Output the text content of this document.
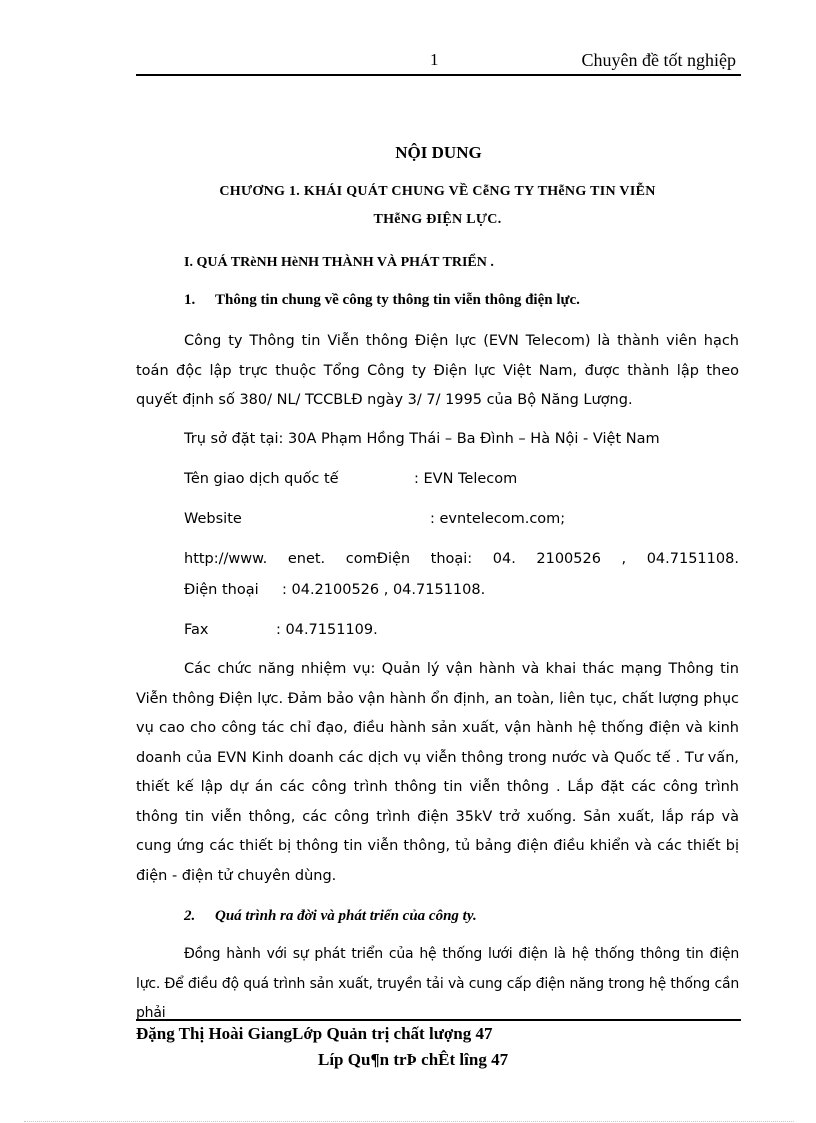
1	Chuyên đề tốt nghiệp
NỘI DUNG
CHƯƠNG 1. KHÁI QUÁT CHUNG VỀ CễNG TY THễNG TIN VIỄN
THễNG ĐIỆN LỰC.
I. QUÁ TRèNH HèNH THÀNH VÀ PHÁT TRIỂN .
1. Thông tin chung về công ty thông tin viễn thông điện lực.
Công ty Thông tin Viễn thông Điện lực (EVN Telecom) là thành viên hạch toán độc lập trực thuộc Tổng Công ty Điện lực Việt Nam, được thành lập theo quyết định số 380/ NL/ TCCBLĐ ngày 3/ 7/ 1995 của Bộ Năng Lượng.
Trụ sở đặt tại: 30A Phạm Hồng Thái – Ba Đình – Hà Nội - Việt Nam
Tên giao dịch quốc tế	: EVN Telecom
Website	: evntelecom.com;
http://www. enet. comĐiện thoại: 04. 2100526 , 04.7151108.
Điện thoại : 04.2100526 , 04.7151108.
Fax	: 04.7151109.
Các chức năng nhiệm vụ: Quản lý vận hành và khai thác mạng Thông tin Viễn thông Điện lực. Đảm bảo vận hành ổn định, an toàn, liên tục, chất lượng phục vụ cao cho công tác chỉ đạo, điều hành sản xuất, vận hành hệ thống điện và kinh doanh của EVN Kinh doanh các dịch vụ viễn thông trong nước và Quốc tế . Tư vấn, thiết kế lập dự án các công trình thông tin viễn thông . Lắp đặt các công trình thông tin viễn thông, các công trình điện 35kV trở xuống. Sản xuất, lắp ráp và cung ứng các thiết bị thông tin viễn thông, tủ bảng điện điều khiển và các thiết bị điện - điện tử chuyên dùng.
2. Quá trình ra đời và phát triển của công ty.
Đồng hành với sự phát triển của hệ thống lưới điện là hệ thống thông tin điện lực. Để điều độ quá trình sản xuất, truyền tải và cung cấp điện năng trong hệ thống cần phải
Đặng Thị Hoài GiangLớp Quản trị chất lượng 47
Líp Qu¶n trÞ chÊt lîng 47
